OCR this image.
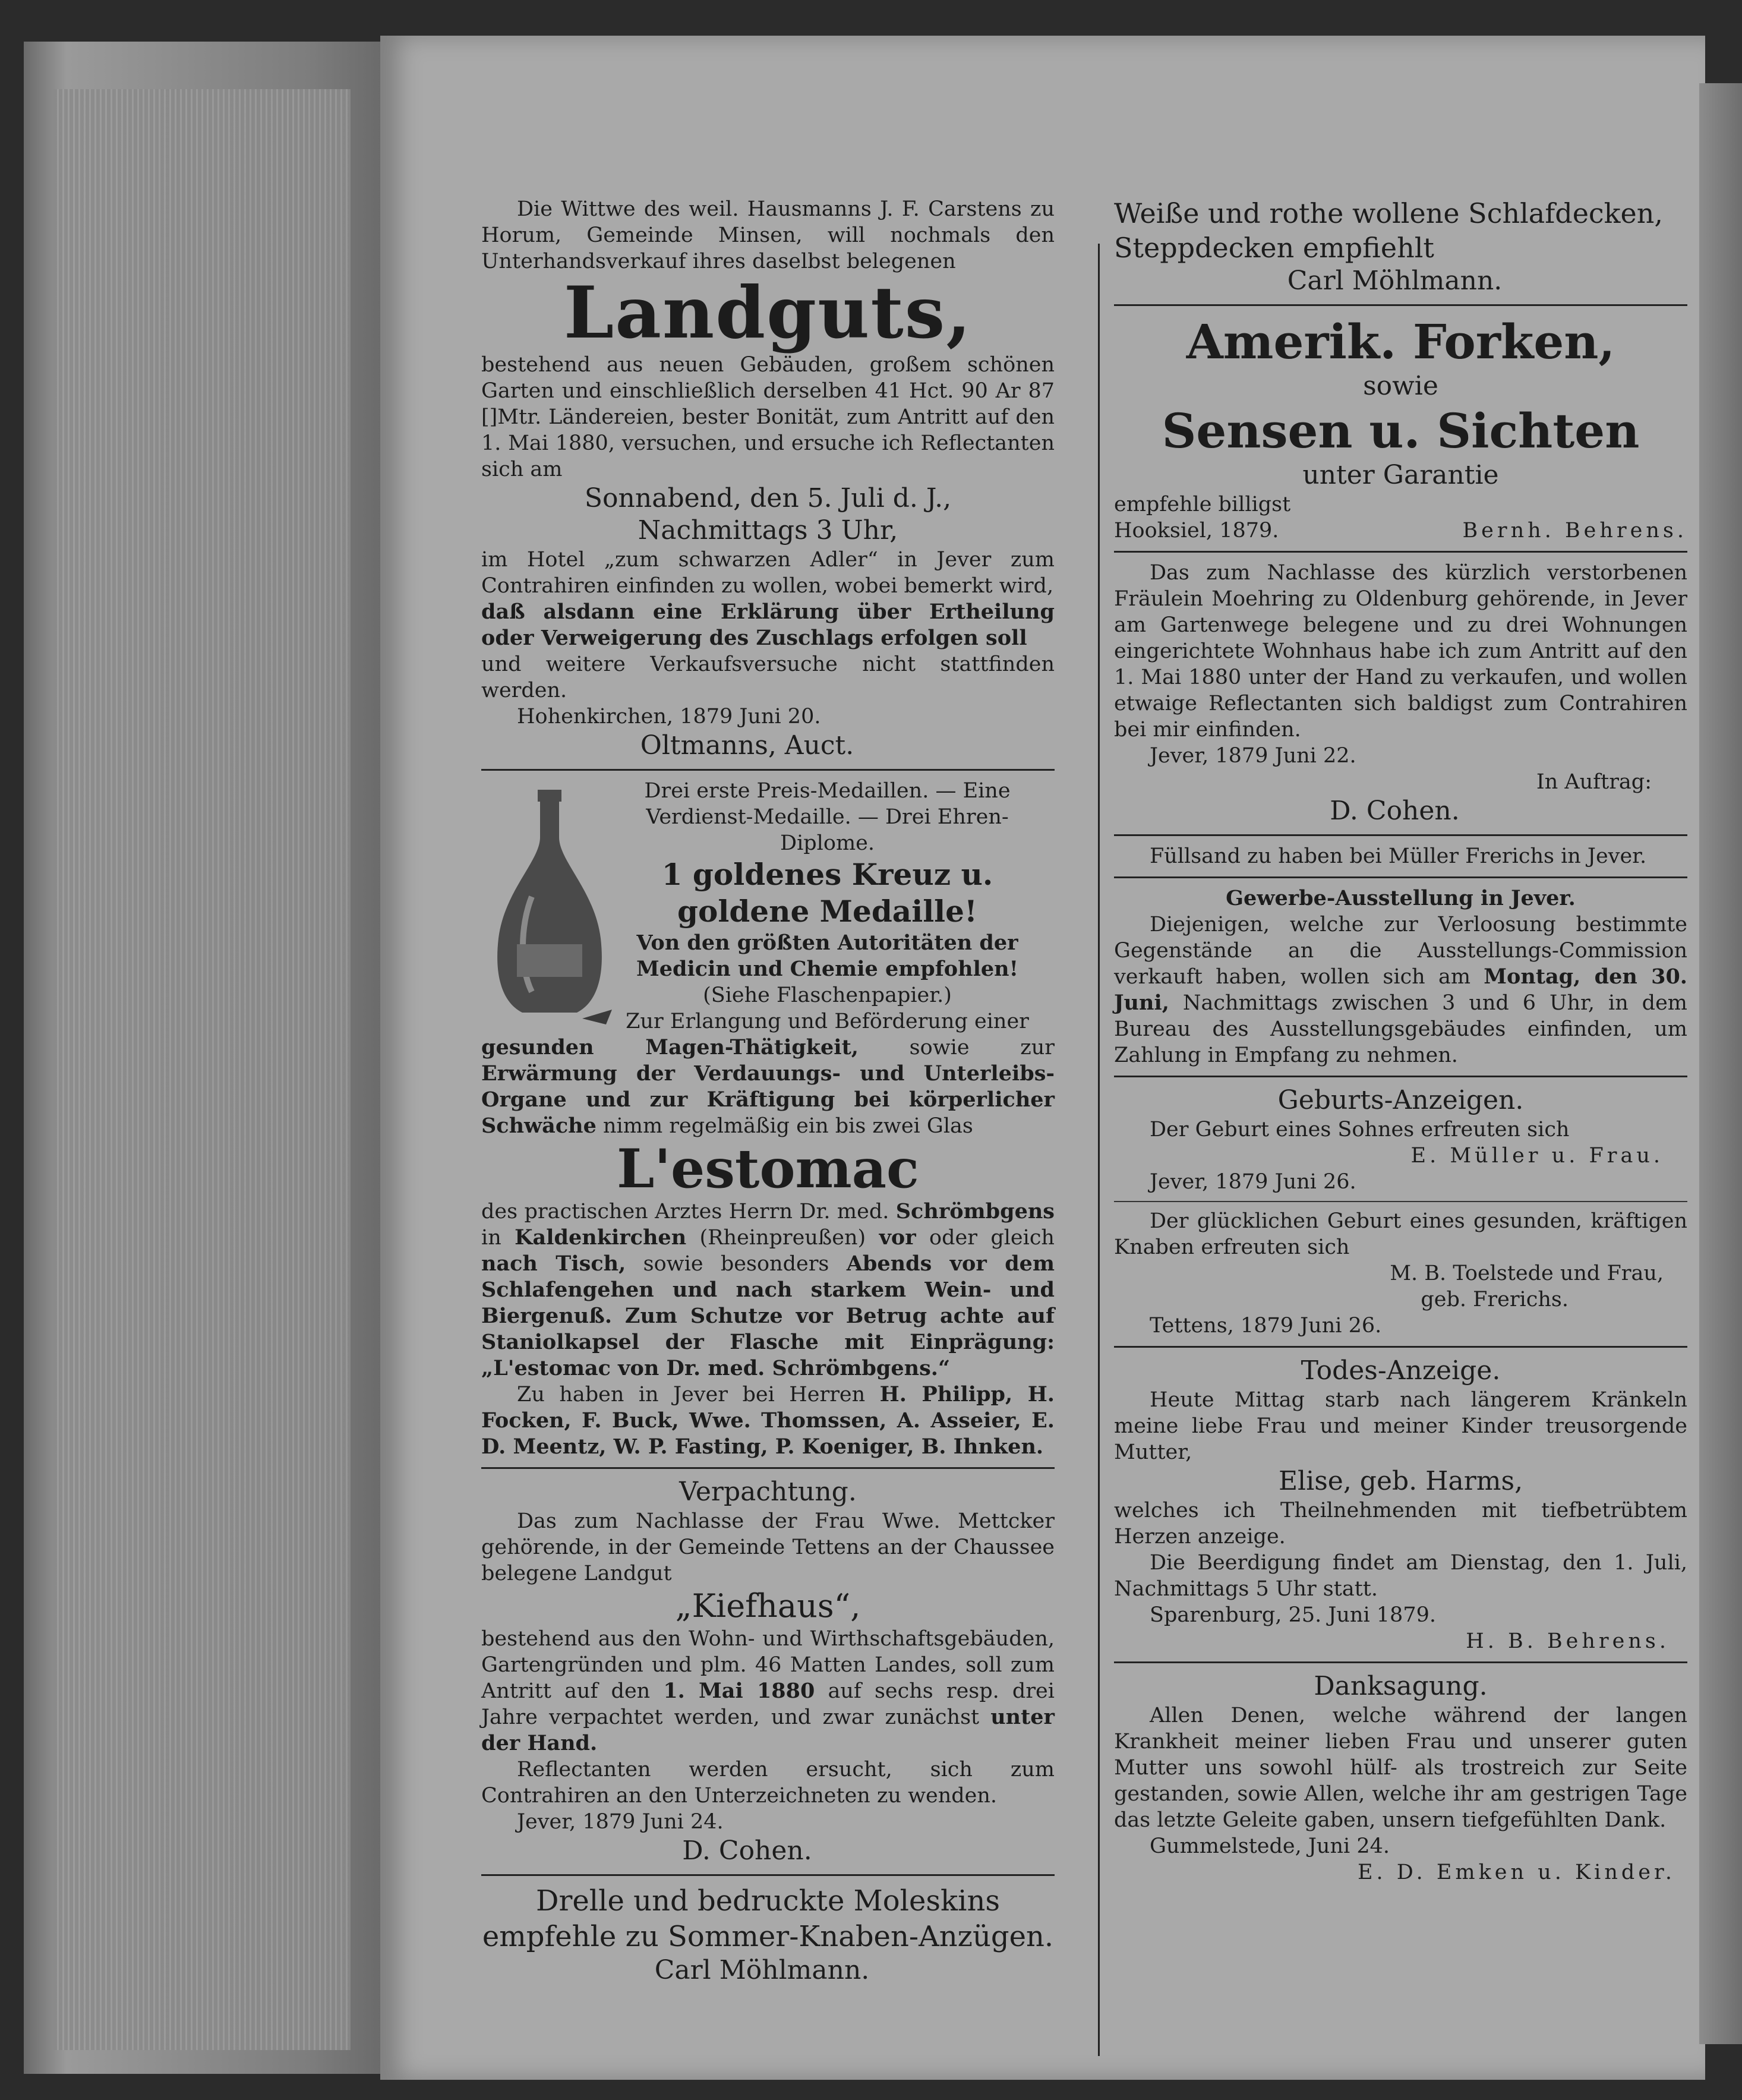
Die Wittwe des weil. Hausmanns J. F. Carstens zu Horum, Gemeinde Minsen, will nochmals den Unterhandsverkauf ihres daselbst belegenen

Landguts,

bestehend aus neuen Gebäuden, großem schönen Garten und einschließlich derselben 41 Hct. 90 Ar 87 []Mtr. Ländereien, bester Bonität, zum Antritt auf den 1. Mai 1880, versuchen, und ersuche ich Reflectanten sich am

Sonnabend, den 5. Juli d. J.,

Nachmittags 3 Uhr,

im Hotel „zum schwarzen Adler“ in Jever zum Contrahiren einfinden zu wollen, wobei bemerkt wird,

daß alsdann eine Erklärung über Ertheilung oder Verweigerung des Zuschlags erfolgen soll

und weitere Verkaufsversuche nicht stattfinden werden.

Hohenkirchen, 1879 Juni 20.

Oltmanns, Auct.

Drei erste Preis-Medaillen. — Eine Verdienst-Medaille. — Drei Ehren-Diplome.

1 goldenes Kreuz u. goldene Medaille!

Von den größten Autoritäten der Medicin und Chemie empfohlen!

(Siehe Flaschenpapier.)

Zur Erlangung und Beförderung einer

gesunden Magen-Thätigkeit, sowie zur Erwärmung der Verdauungs- und Unterleibs-Organe und zur Kräftigung bei körperlicher Schwäche nimm regelmäßig ein bis zwei Glas

L'estomac

des practischen Arztes Herrn Dr. med. Schrömbgens in Kaldenkirchen (Rheinpreußen) vor oder gleich nach Tisch, sowie besonders Abends vor dem Schlafengehen und nach starkem Wein- und Biergenuß. Zum Schutze vor Betrug achte auf Staniolkapsel der Flasche mit Einprägung: „L'estomac von Dr. med. Schrömbgens.“

Zu haben in Jever bei Herren H. Philipp, H. Focken, F. Buck, Wwe. Thomssen, A. Asseier, E. D. Meentz, W. P. Fasting, P. Koeniger, B. Ihnken.

Verpachtung.

Das zum Nachlasse der Frau Wwe. Mettcker gehörende, in der Gemeinde Tettens an der Chaussee belegene Landgut

„Kiefhaus“,

bestehend aus den Wohn- und Wirthschaftsgebäuden, Gartengründen und plm. 46 Matten Landes, soll zum Antritt auf den 1. Mai 1880 auf sechs resp. drei Jahre verpachtet werden, und zwar zunächst unter der Hand.

Reflectanten werden ersucht, sich zum Contrahiren an den Unterzeichneten zu wenden.

Jever, 1879 Juni 24.

D. Cohen.

Drelle und bedruckte Moleskins

empfehle zu Sommer-Knaben-Anzügen.

Carl Möhlmann.

Weiße und rothe wollene Schlafdecken, Steppdecken empfiehlt

Carl Möhlmann.

Amerik. Forken,

sowie

Sensen u. Sichten

unter Garantie

empfehle billigst

Hooksiel, 1879.	Bernh. Behrens.

Das zum Nachlasse des kürzlich verstorbenen Fräulein Moehring zu Oldenburg gehörende, in Jever am Gartenwege belegene und zu drei Wohnungen eingerichtete Wohnhaus habe ich zum Antritt auf den 1. Mai 1880 unter der Hand zu verkaufen, und wollen etwaige Reflectanten sich baldigst zum Contrahiren bei mir einfinden.

Jever, 1879 Juni 22.

In Auftrag:

D. Cohen.

Füllsand zu haben bei Müller Frerichs in Jever.

Gewerbe-Ausstellung in Jever.

Diejenigen, welche zur Verloosung bestimmte Gegenstände an die Ausstellungs-Commission verkauft haben, wollen sich am Montag, den 30. Juni, Nachmittags zwischen 3 und 6 Uhr, in dem Bureau des Ausstellungsgebäudes einfinden, um Zahlung in Empfang zu nehmen.

Geburts-Anzeigen.

Der Geburt eines Sohnes erfreuten sich

E. Müller u. Frau.

Jever, 1879 Juni 26.

Der glücklichen Geburt eines gesunden, kräftigen Knaben erfreuten sich

M. B. Toelstede und Frau,

geb. Frerichs.

Tettens, 1879 Juni 26.

Todes-Anzeige.

Heute Mittag starb nach längerem Kränkeln meine liebe Frau und meiner Kinder treusorgende Mutter,

Elise, geb. Harms,

welches ich Theilnehmenden mit tiefbetrübtem Herzen anzeige.

Die Beerdigung findet am Dienstag, den 1. Juli, Nachmittags 5 Uhr statt.

Sparenburg, 25. Juni 1879.

H. B. Behrens.

Danksagung.

Allen Denen, welche während der langen Krankheit meiner lieben Frau und unserer guten Mutter uns sowohl hülf- als trostreich zur Seite gestanden, sowie Allen, welche ihr am gestrigen Tage das letzte Geleite gaben, unsern tiefgefühlten Dank.

Gummelstede, Juni 24.

E. D. Emken u. Kinder.
